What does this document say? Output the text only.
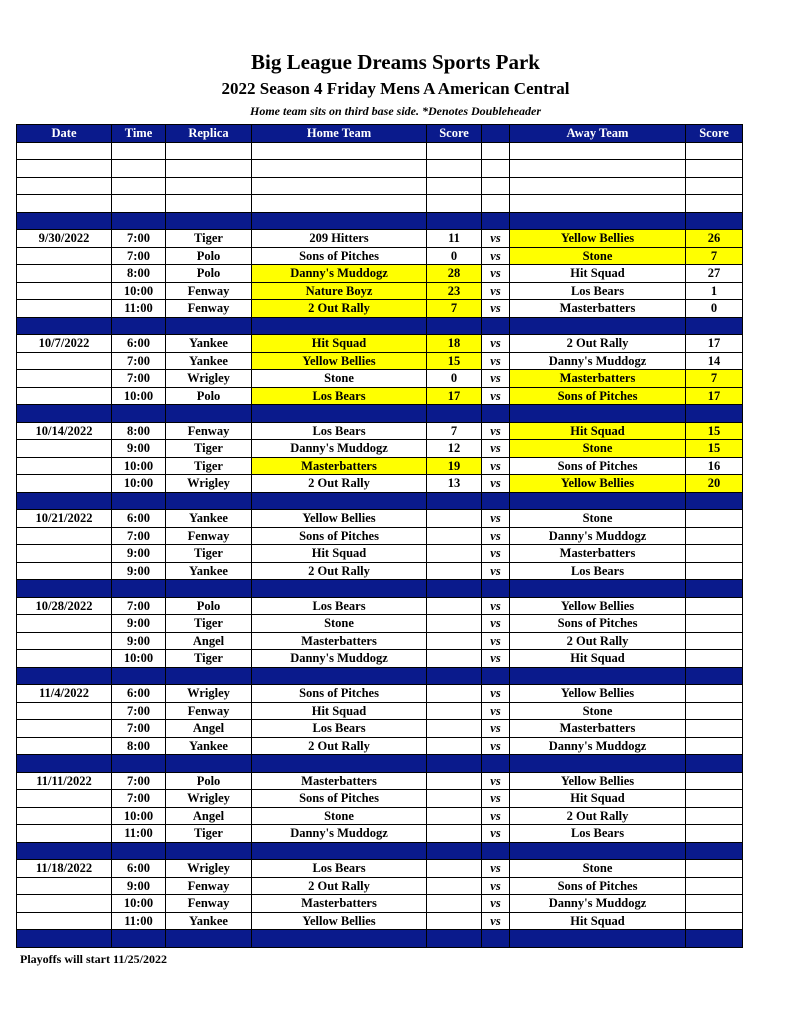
Big League Dreams Sports Park
2022 Season 4 Friday Mens A American Central
Home team sits on third base side. *Denotes Doubleheader
Date	Time	Replica	Home Team	Score		Away Team	Score

9/30/2022	7:00	Tiger	209 Hitters	11	vs	Yellow Bellies	26
	7:00	Polo	Sons of Pitches	0	vs	Stone	7
	8:00	Polo	Danny's Muddogz	28	vs	Hit Squad	27
	10:00	Fenway	Nature Boyz	23	vs	Los Bears	1
	11:00	Fenway	2 Out Rally	7	vs	Masterbatters	0

10/7/2022	6:00	Yankee	Hit Squad	18	vs	2 Out Rally	17
	7:00	Yankee	Yellow Bellies	15	vs	Danny's Muddogz	14
	7:00	Wrigley	Stone	0	vs	Masterbatters	7
	10:00	Polo	Los Bears	17	vs	Sons of Pitches	17

10/14/2022	8:00	Fenway	Los Bears	7	vs	Hit Squad	15
	9:00	Tiger	Danny's Muddogz	12	vs	Stone	15
	10:00	Tiger	Masterbatters	19	vs	Sons of Pitches	16
	10:00	Wrigley	2 Out Rally	13	vs	Yellow Bellies	20

10/21/2022	6:00	Yankee	Yellow Bellies		vs	Stone	
	7:00	Fenway	Sons of Pitches		vs	Danny's Muddogz	
	9:00	Tiger	Hit Squad		vs	Masterbatters	
	9:00	Yankee	2 Out Rally		vs	Los Bears	

10/28/2022	7:00	Polo	Los Bears		vs	Yellow Bellies	
	9:00	Tiger	Stone		vs	Sons of Pitches	
	9:00	Angel	Masterbatters		vs	2 Out Rally	
	10:00	Tiger	Danny's Muddogz		vs	Hit Squad	

11/4/2022	6:00	Wrigley	Sons of Pitches		vs	Yellow Bellies	
	7:00	Fenway	Hit Squad		vs	Stone	
	7:00	Angel	Los Bears		vs	Masterbatters	
	8:00	Yankee	2 Out Rally		vs	Danny's Muddogz	

11/11/2022	7:00	Polo	Masterbatters		vs	Yellow Bellies	
	7:00	Wrigley	Sons of Pitches		vs	Hit Squad	
	10:00	Angel	Stone		vs	2 Out Rally	
	11:00	Tiger	Danny's Muddogz		vs	Los Bears	

11/18/2022	6:00	Wrigley	Los Bears		vs	Stone	
	9:00	Fenway	2 Out Rally		vs	Sons of Pitches	
	10:00	Fenway	Masterbatters		vs	Danny's Muddogz	
	11:00	Yankee	Yellow Bellies		vs	Hit Squad	

Playoffs will start 11/25/2022
